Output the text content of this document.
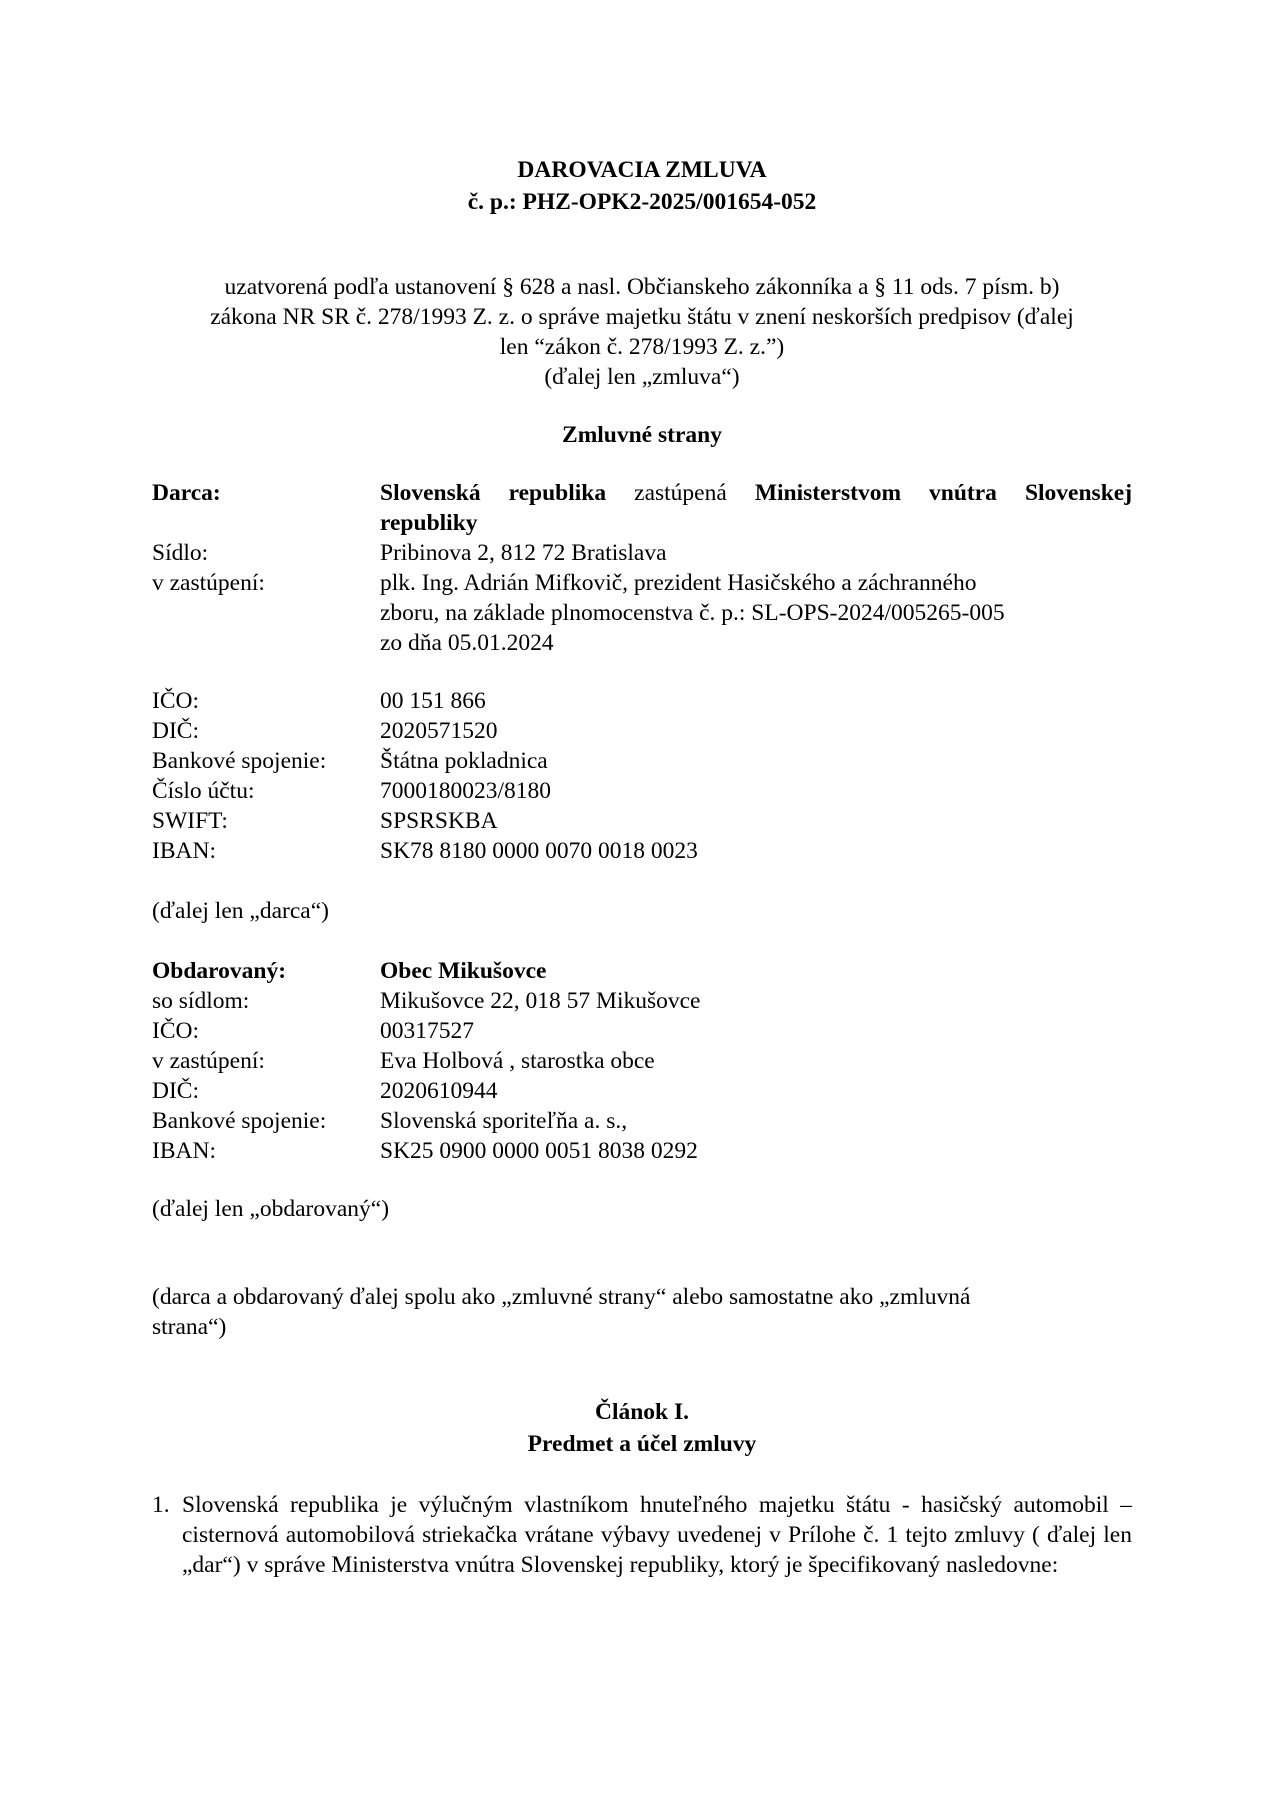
DAROVACIA ZMLUVA
č. p.: PHZ-OPK2-2025/001654-052
uzatvorená podľa ustanovení § 628 a nasl. Občianskeho zákonníka a § 11 ods. 7 písm. b)
zákona NR SR č. 278/1993 Z. z. o správe majetku štátu v znení neskorších predpisov (ďalej
len “zákon č. 278/1993 Z. z.”)
(ďalej len „zmluva“)
Zmluvné strany
Darca:	Slovenská republika zastúpená Ministerstvom vnútra Slovenskej
republiky
Sídlo:	Pribinova 2, 812 72 Bratislava
v zastúpení:	plk. Ing. Adrián Mifkovič, prezident Hasičského a záchranného
zboru, na základe plnomocenstva č. p.: SL-OPS-2024/005265-005
zo dňa 05.01.2024
IČO:	00 151 866
DIČ:	2020571520
Bankové spojenie:	Štátna pokladnica
Číslo účtu:	7000180023/8180
SWIFT:	SPSRSKBA
IBAN:	SK78 8180 0000 0070 0018 0023
(ďalej len „darca“)
Obdarovaný:	Obec Mikušovce
so sídlom:	Mikušovce 22, 018 57 Mikušovce
IČO:	00317527
v zastúpení:	Eva Holbová , starostka obce
DIČ:	2020610944
Bankové spojenie:	Slovenská sporiteľňa a. s.,
IBAN:	SK25 0900 0000 0051 8038 0292
(ďalej len „obdarovaný“)
(darca a obdarovaný ďalej spolu ako „zmluvné strany“ alebo samostatne ako „zmluvná
strana“)
Článok I.
Predmet a účel zmluvy
1. Slovenská republika je výlučným vlastníkom hnuteľného majetku štátu - hasičský automobil – cisternová automobilová striekačka vrátane výbavy uvedenej v Prílohe č. 1 tejto zmluvy ( ďalej len „dar“) v správe Ministerstva vnútra Slovenskej republiky, ktorý je špecifikovaný nasledovne:
